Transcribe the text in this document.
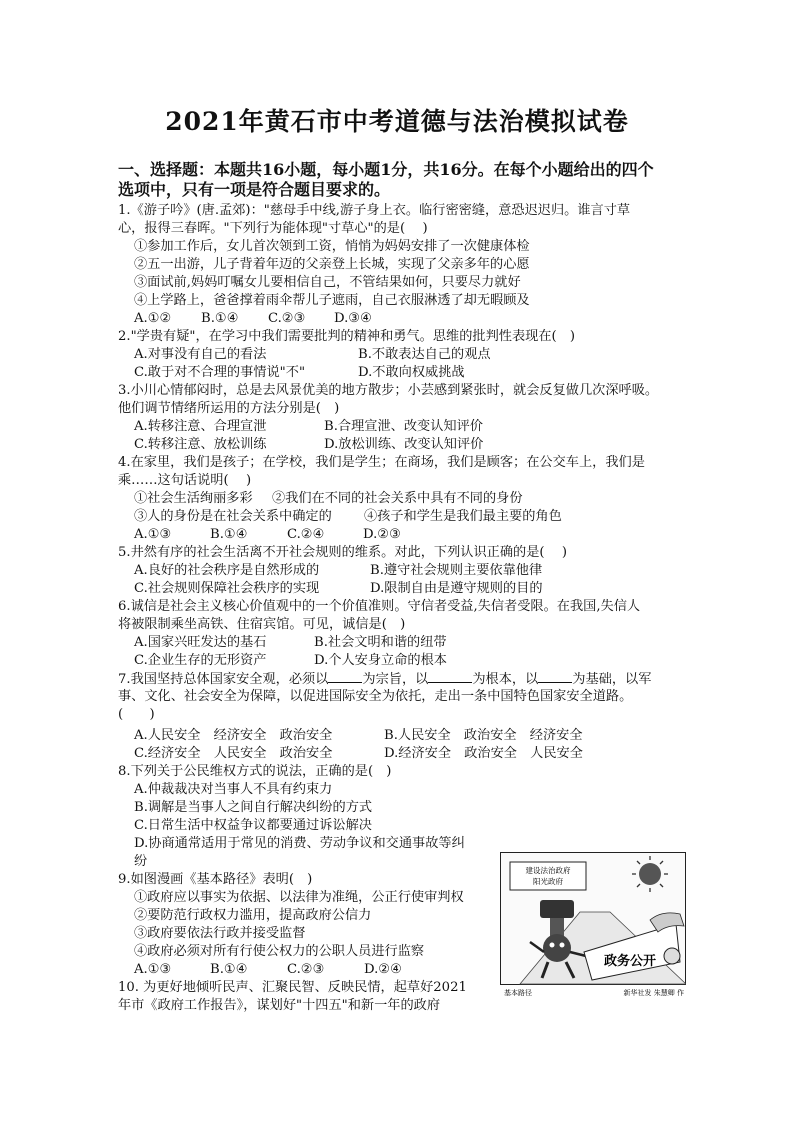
2021年黄石市中考道德与法治模拟试卷
一、选择题：本题共16小题，每小题1分，共16分。在每个小题给出的四个
选项中，只有一项是符合题目要求的。
1.《游子吟》(唐.孟郊)："慈母手中线,游子身上衣。临行密密缝，意恐迟迟归。谁言寸草
心，报得三春晖。"下列行为能体现"寸草心"的是(　 )
①参加工作后，女儿首次领到工资，悄悄为妈妈安排了一次健康体检
②五一出游，儿子背着年迈的父亲登上长城，实现了父亲多年的心愿
③面试前,妈妈叮嘱女儿要相信自己，不管结果如何，只要尽力就好
④上学路上，爸爸撑着雨伞帮儿子遮雨，自己衣服淋透了却无暇顾及
A.①② B.①④ C.②③ D.③④
2."学贵有疑"，在学习中我们需要批判的精神和勇气。思维的批判性表现在(　)
A.对事没有自己的看法	B.不敢表达自己的观点
C.敢于对不合理的事情说"不"	D.不敢向权威挑战
3.小川心情郁闷时，总是去风景优美的地方散步；小芸感到紧张时，就会反复做几次深呼吸。
他们调节情绪所运用的方法分别是(　)
A.转移注意、合理宣泄	B.合理宣泄、改变认知评价
C.转移注意、放松训练	D.放松训练、改变认知评价
4.在家里，我们是孩子；在学校，我们是学生；在商场，我们是顾客；在公交车上，我们是
乘……这句话说明(　 )
①社会生活绚丽多彩 ②我们在不同的社会关系中具有不同的身份
③人的身份是在社会关系中确定的 ④孩子和学生是我们最主要的角色
A.①③	B.①④	C.②④	D.②③
5.井然有序的社会生活离不开社会规则的维系。对此，下列认识正确的是(　 )
A.良好的社会秩序是自然形成的	B.遵守社会规则主要依靠他律
C.社会规则保障社会秩序的实现	D.限制自由是遵守规则的目的
6.诚信是社会主义核心价值观中的一个价值准则。守信者受益,失信者受限。在我国,失信人
将被限制乘坐高铁、住宿宾馆。可见，诚信是(　)
A.国家兴旺发达的基石	B.社会文明和谐的纽带
C.企业生存的无形资产	D.个人安身立命的根本
7.我国坚持总体国家安全观，必须以	为宗旨，以	为根本，以	为基础，以军
事、文化、社会安全为保障，以促进国际安全为依托，走出一条中国特色国家安全道路。
(　　)
A.人民安全　经济安全　政治安全	B.人民安全　政治安全　经济安全
C.经济安全　人民安全　政治安全	D.经济安全　政治安全　人民安全
8.下列关于公民维权方式的说法，正确的是(　)
A.仲裁裁决对当事人不具有约束力
B.调解是当事人之间自行解决纠纷的方式
C.日常生活中权益争议都要通过诉讼解决
D.协商通常适用于常见的消费、劳动争议和交通事故等纠
纷
9.如图漫画《基本路径》表明(　)
①政府应以事实为依据、以法律为准绳，公正行使审判权
②要防范行政权力滥用，提高政府公信力
③政府要依法行政并接受监督
④政府必须对所有行使公权力的公职人员进行监察
A.①③	B.①④	C.②③	D.②④
10. 为更好地倾听民声、汇聚民智、反映民情，起草好2021
年市《政府工作报告》，谋划好"十四五"和新一年的政府
建设法治政府
阳光政府
政务公开
基本路径	新华社发 朱慧卿 作
